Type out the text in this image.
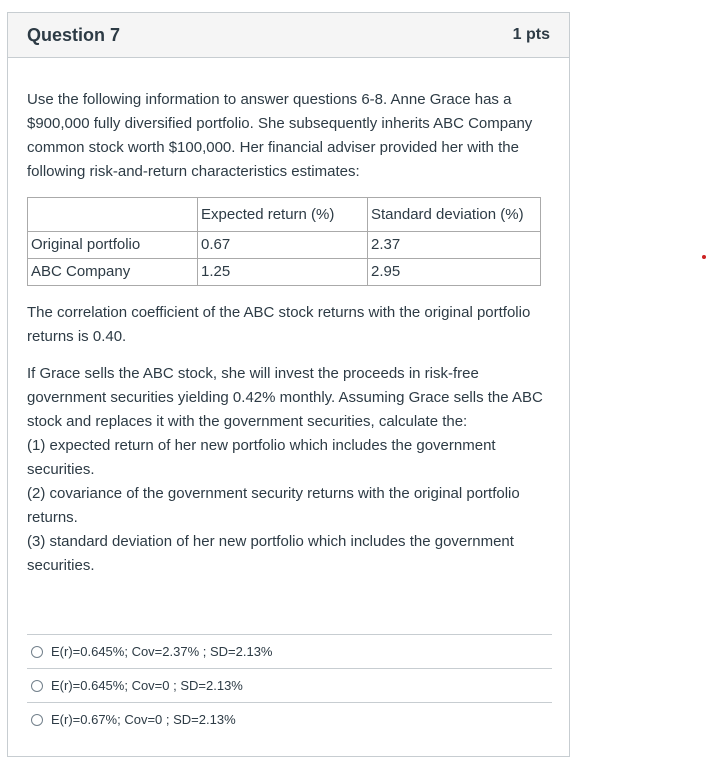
Question 7	1 pts

Use the following information to answer questions 6-8. Anne Grace has a $900,000 fully diversified portfolio. She subsequently inherits ABC Company common stock worth $100,000. Her financial adviser provided her with the following risk-and-return characteristics estimates:

	Expected return (%)	Standard deviation (%)
Original portfolio	0.67	2.37
ABC Company	1.25	2.95

The correlation coefficient of the ABC stock returns with the original portfolio returns is 0.40.

If Grace sells the ABC stock, she will invest the proceeds in risk-free government securities yielding 0.42% monthly. Assuming Grace sells the ABC stock and replaces it with the government securities, calculate the:
(1) expected return of her new portfolio which includes the government securities.
(2) covariance of the government security returns with the original portfolio returns.
(3) standard deviation of her new portfolio which includes the government securities.
E(r)=0.645%; Cov=2.37% ; SD=2.13%
E(r)=0.645%; Cov=0 ; SD=2.13%
E(r)=0.67%; Cov=0 ; SD=2.13%
